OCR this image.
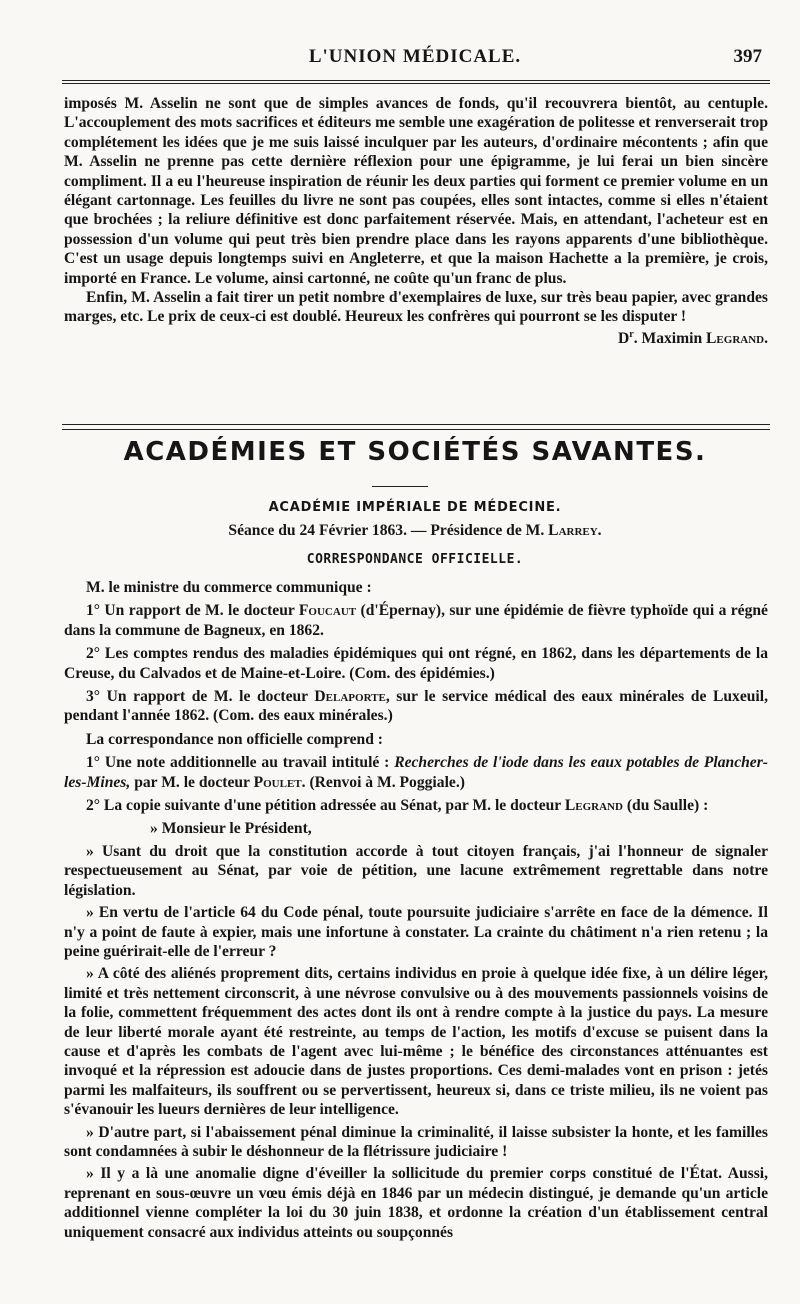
L'UNION MÉDICALE.	397

imposés M. Asselin ne sont que de simples avances de fonds, qu'il recouvrera bientôt, au centuple. L'accouplement des mots sacrifices et éditeurs me semble une exagération de politesse et renverserait trop complétement les idées que je me suis laissé inculquer par les auteurs, d'ordinaire mécontents ; afin que M. Asselin ne prenne pas cette dernière réflexion pour une épigramme, je lui ferai un bien sincère compliment. Il a eu l'heureuse inspiration de réunir les deux parties qui forment ce premier volume en un élégant cartonnage. Les feuilles du livre ne sont pas coupées, elles sont intactes, comme si elles n'étaient que brochées ; la reliure définitive est donc parfaitement réservée. Mais, en attendant, l'acheteur est en possession d'un volume qui peut très bien prendre place dans les rayons apparents d'une bibliothèque. C'est un usage depuis longtemps suivi en Angleterre, et que la maison Hachette a la première, je crois, importé en France. Le volume, ainsi cartonné, ne coûte qu'un franc de plus.

Enfin, M. Asselin a fait tirer un petit nombre d'exemplaires de luxe, sur très beau papier, avec grandes marges, etc. Le prix de ceux-ci est doublé. Heureux les confrères qui pourront se les disputer !

$D^r$. Maximin Legrand.
ACADÉMIES ET SOCIÉTÉS SAVANTES.
ACADÉMIE IMPÉRIALE DE MÉDECINE.
Séance du 24 Février 1863. — Présidence de M. Larrey.
CORRESPONDANCE OFFICIELLE.

M. le ministre du commerce communique :

1° Un rapport de M. le docteur Foucaut (d'Épernay), sur une épidémie de fièvre typhoïde qui a régné dans la commune de Bagneux, en 1862.

2° Les comptes rendus des maladies épidémiques qui ont régné, en 1862, dans les départements de la Creuse, du Calvados et de Maine-et-Loire. (Com. des épidémies.)

3° Un rapport de M. le docteur Delaporte, sur le service médical des eaux minérales de Luxeuil, pendant l'année 1862. (Com. des eaux minérales.)

La correspondance non officielle comprend :

1° Une note additionnelle au travail intitulé : Recherches de l'iode dans les eaux potables de Plancher-les-Mines, par M. le docteur Poulet. (Renvoi à M. Poggiale.)

2° La copie suivante d'une pétition adressée au Sénat, par M. le docteur Legrand (du Saulle) :

» Monsieur le Président,

» Usant du droit que la constitution accorde à tout citoyen français, j'ai l'honneur de signaler respectueusement au Sénat, par voie de pétition, une lacune extrêmement regrettable dans notre législation.

» En vertu de l'article 64 du Code pénal, toute poursuite judiciaire s'arrête en face de la démence. Il n'y a point de faute à expier, mais une infortune à constater. La crainte du châtiment n'a rien retenu ; la peine guérirait-elle de l'erreur ?

» A côté des aliénés proprement dits, certains individus en proie à quelque idée fixe, à un délire léger, limité et très nettement circonscrit, à une névrose convulsive ou à des mouvements passionnels voisins de la folie, commettent fréquemment des actes dont ils ont à rendre compte à la justice du pays. La mesure de leur liberté morale ayant été restreinte, au temps de l'action, les motifs d'excuse se puisent dans la cause et d'après les combats de l'agent avec lui-même ; le bénéfice des circonstances atténuantes est invoqué et la répression est adoucie dans de justes proportions. Ces demi-malades vont en prison : jetés parmi les malfaiteurs, ils souffrent ou se pervertissent, heureux si, dans ce triste milieu, ils ne voient pas s'évanouir les lueurs dernières de leur intelligence.

» D'autre part, si l'abaissement pénal diminue la criminalité, il laisse subsister la honte, et les familles sont condamnées à subir le déshonneur de la flétrissure judiciaire !

» Il y a là une anomalie digne d'éveiller la sollicitude du premier corps constitué de l'État. Aussi, reprenant en sous-œuvre un vœu émis déjà en 1846 par un médecin distingué, je demande qu'un article additionnel vienne compléter la loi du 30 juin 1838, et ordonne la création d'un établissement central uniquement consacré aux individus atteints ou soupçonnés
